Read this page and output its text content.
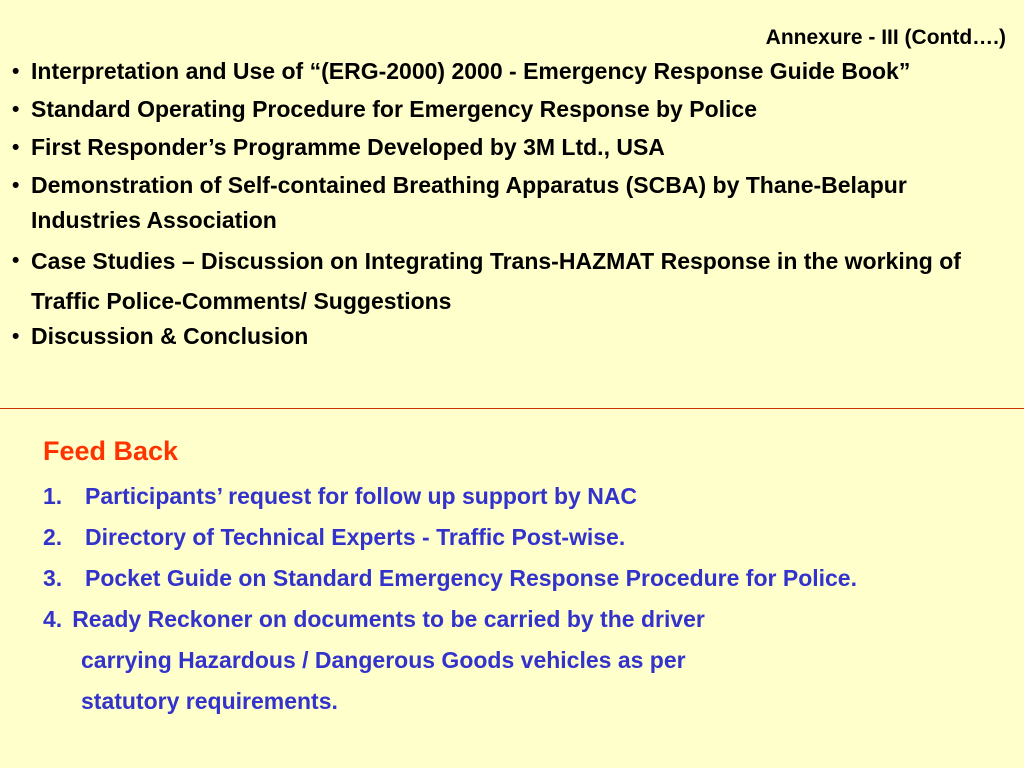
Annexure - III (Contd….)
• Interpretation and Use of “(ERG-2000) 2000 - Emergency Response Guide Book”
• Standard Operating Procedure for Emergency Response by Police
• First Responder’s Programme Developed by 3M Ltd., USA
• Demonstration of Self-contained Breathing Apparatus (SCBA) by Thane-Belapur Industries Association
• Case Studies – Discussion on Integrating Trans-HAZMAT Response in the working of Traffic Police-Comments/ Suggestions
• Discussion & Conclusion
Feed Back
1. Participants’ request for follow up support by NAC
2. Directory of Technical Experts - Traffic Post-wise.
3. Pocket Guide on Standard Emergency Response Procedure for Police.
4. Ready Reckoner on documents to be carried by the driver
carrying Hazardous / Dangerous Goods vehicles as per
statutory requirements.
